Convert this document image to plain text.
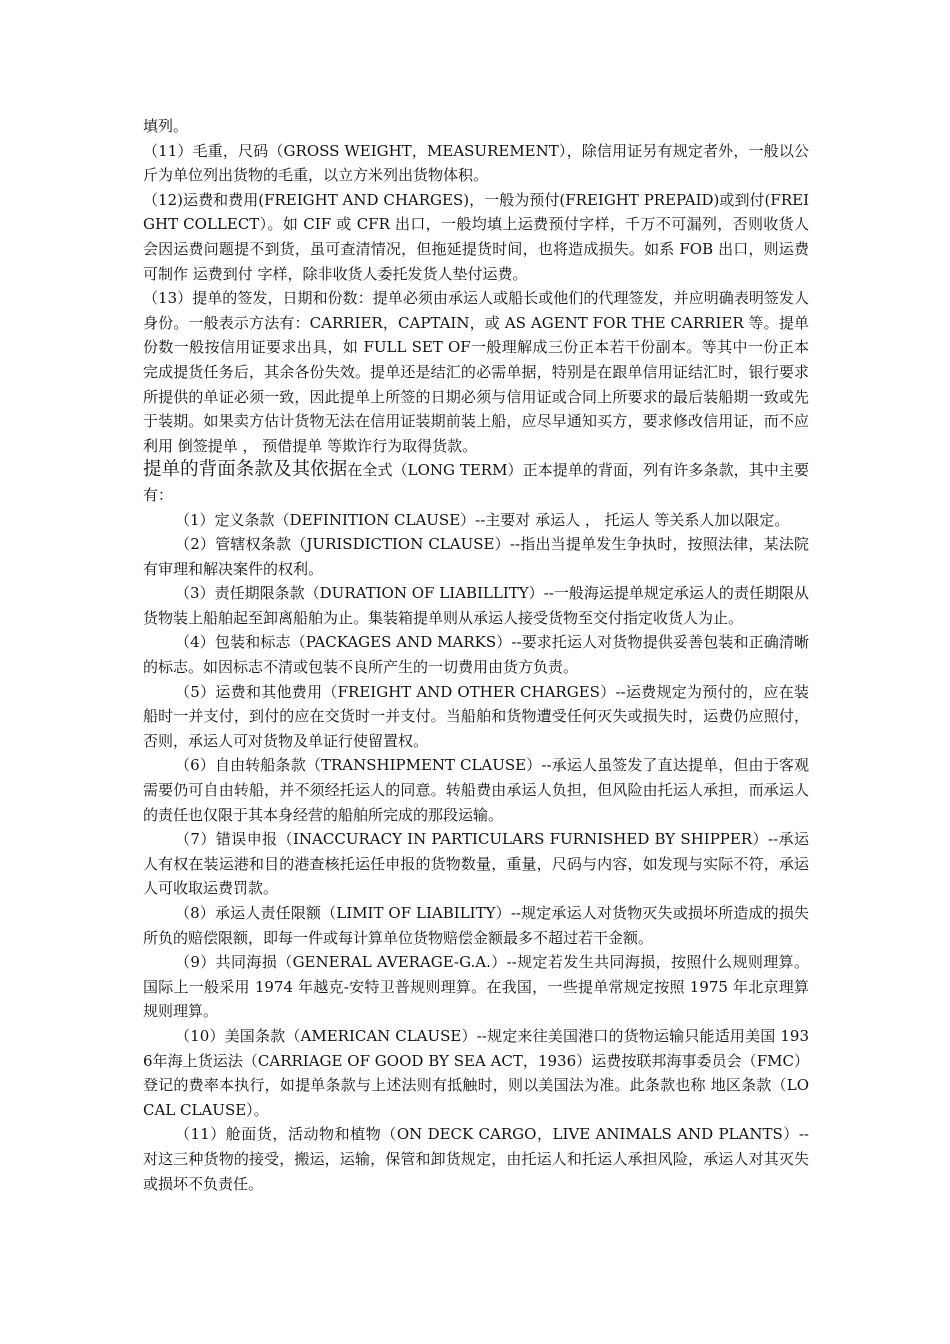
填列。

（11）毛重，尺码（GROSS WEIGHT，MEASUREMENT），除信用证另有规定者外，一般以公斤为单位列出货物的毛重，以立方米列出货物体积。

（12)运费和费用(FREIGHT AND CHARGES)，一般为预付(FREIGHT PREPAID)或到付(FREIGHT COLLECT）。如 CIF 或 CFR 出口，一般均填上运费预付字样，千万不可漏列，否则收货人会因运费问题提不到货，虽可查清情况，但拖延提货时间，也将造成损失。如系 FOB 出口，则运费可制作 运费到付 字样，除非收货人委托发货人垫付运费。

（13）提单的签发，日期和份数：提单必须由承运人或船长或他们的代理签发，并应明确表明签发人身份。一般表示方法有：CARRIER，CAPTAIN，或 AS AGENT FOR THE CARRIER 等。提单份数一般按信用证要求出具，如 FULL SET OF一般理解成三份正本若干份副本。等其中一份正本完成提货任务后，其余各份失效。提单还是结汇的必需单据，特别是在跟单信用证结汇时，银行要求所提供的单证必须一致，因此提单上所签的日期必须与信用证或合同上所要求的最后装船期一致或先于装期。如果卖方估计货物无法在信用证装期前装上船，应尽早通知买方，要求修改信用证，而不应利用 倒签提单 ， 预借提单 等欺诈行为取得货款。

提单的背面条款及其依据在全式（LONG TERM）正本提单的背面，列有许多条款，其中主要有：

（1）定义条款（DEFINITION CLAUSE）--主要对 承运人 ， 托运人 等关系人加以限定。

（2）管辖权条款（JURISDICTION CLAUSE）--指出当提单发生争执时，按照法律，某法院有审理和解决案件的权利。

（3）责任期限条款（DURATION OF LIABILLITY）--一般海运提单规定承运人的责任期限从货物装上船舶起至卸离船舶为止。集装箱提单则从承运人接受货物至交付指定收货人为止。

（4）包装和标志（PACKAGES AND MARKS）--要求托运人对货物提供妥善包装和正确清晰的标志。如因标志不清或包装不良所产生的一切费用由货方负责。

（5）运费和其他费用（FREIGHT AND OTHER CHARGES）--运费规定为预付的，应在装船时一并支付，到付的应在交货时一并支付。当船舶和货物遭受任何灭失或损失时，运费仍应照付，否则，承运人可对货物及单证行使留置权。

（6）自由转船条款（TRANSHIPMENT CLAUSE）--承运人虽签发了直达提单，但由于客观需要仍可自由转船，并不须经托运人的同意。转船费由承运人负担，但风险由托运人承担，而承运人的责任也仅限于其本身经营的船舶所完成的那段运输。

（7）错误申报（INACCURACY IN PARTICULARS FURNISHED BY SHIPPER）--承运人有权在装运港和目的港查核托运任申报的货物数量，重量，尺码与内容，如发现与实际不符，承运人可收取运费罚款。

（8）承运人责任限额（LIMIT OF LIABILITY）--规定承运人对货物灭失或损坏所造成的损失所负的赔偿限额，即每一件或每计算单位货物赔偿金额最多不超过若干金额。

（9）共同海损（GENERAL AVERAGE-G.A.）--规定若发生共同海损，按照什么规则理算。国际上一般采用 1974 年越克-安特卫普规则理算。在我国，一些提单常规定按照 1975 年北京理算规则理算。

（10）美国条款（AMERICAN CLAUSE）--规定来往美国港口的货物运输只能适用美国 1936年海上货运法（CARRIAGE OF GOOD BY SEA ACT，1936）运费按联邦海事委员会（FMC）登记的费率本执行，如提单条款与上述法则有抵触时，则以美国法为准。此条款也称 地区条款（LOCAL CLAUSE）。

（11）舱面货，活动物和植物（ON DECK CARGO，LIVE ANIMALS AND PLANTS）--对这三种货物的接受，搬运，运输，保管和卸货规定，由托运人和托运人承担风险，承运人对其灭失或损坏不负责任。
